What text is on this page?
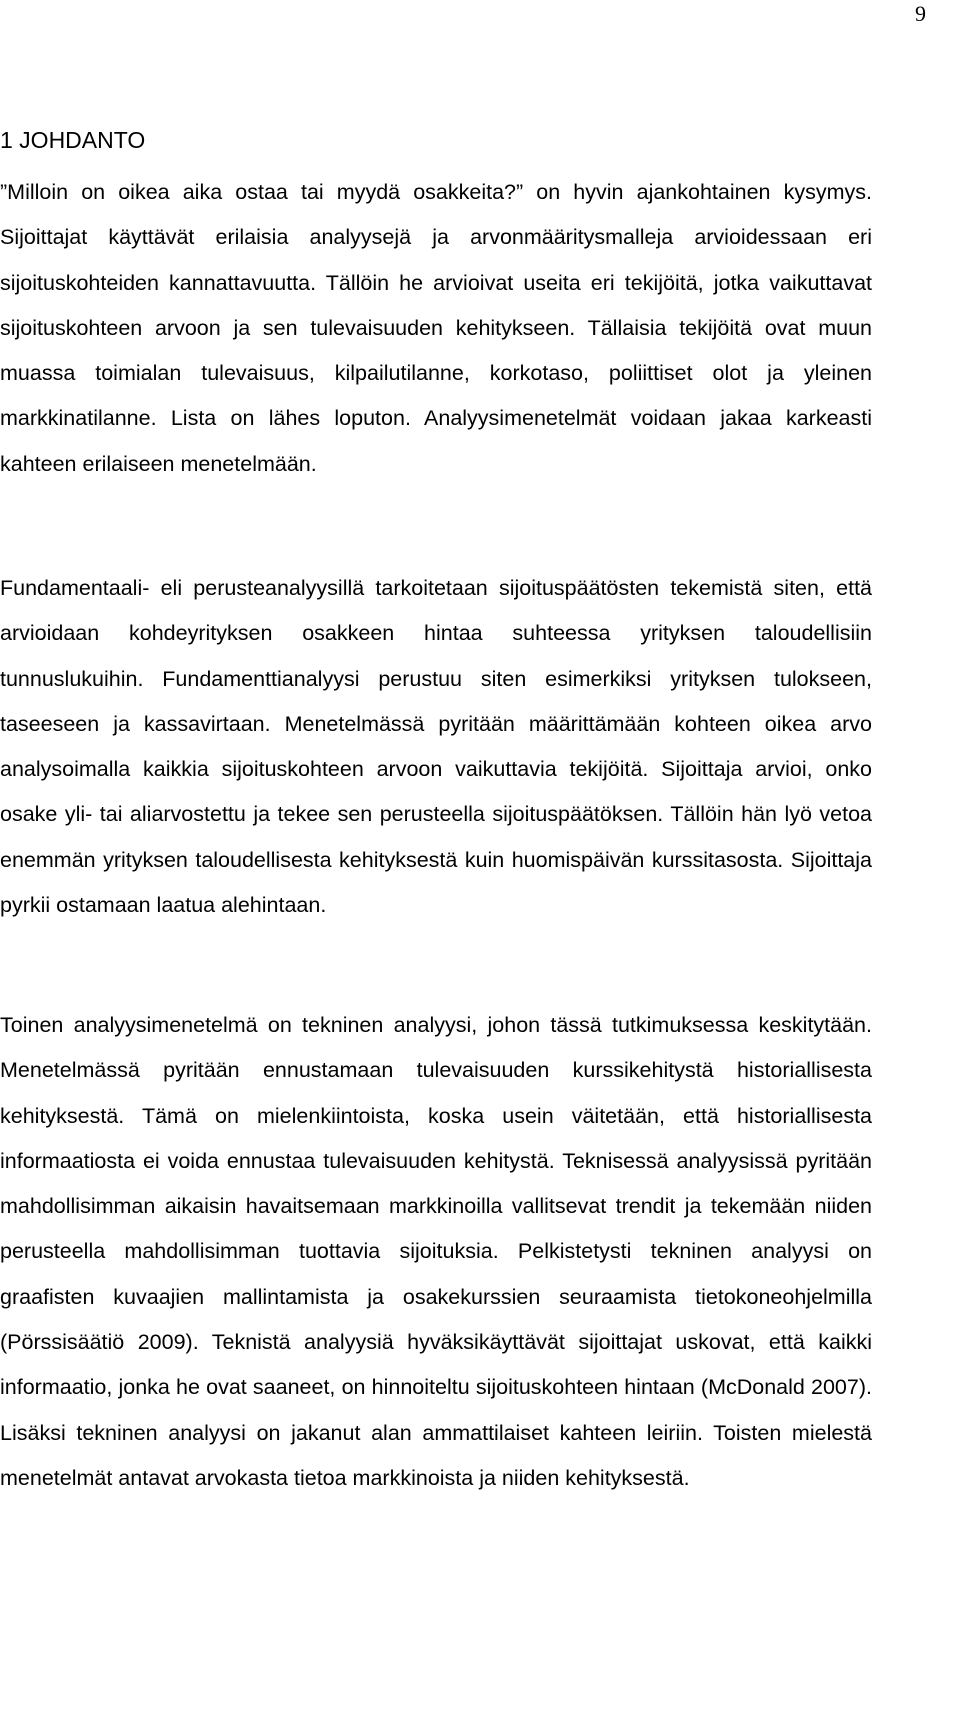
9
1 JOHDANTO

”Milloin on oikea aika ostaa tai myydä osakkeita?” on hyvin ajankohtainen kysymys. Sijoittajat käyttävät erilaisia analyysejä ja arvonmääritysmalleja arvioidessaan eri sijoituskohteiden kannattavuutta. Tällöin he arvioivat useita eri tekijöitä, jotka vaikuttavat sijoituskohteen arvoon ja sen tulevaisuuden kehitykseen. Tällaisia tekijöitä ovat muun muassa toimialan tulevaisuus, kilpailutilanne, korkotaso, poliittiset olot ja yleinen markkinatilanne. Lista on lähes loputon. Analyysimenetelmät voidaan jakaa karkeasti kahteen erilaiseen menetelmään.

Fundamentaali- eli perusteanalyysillä tarkoitetaan sijoituspäätösten tekemistä siten, että arvioidaan kohdeyrityksen osakkeen hintaa suhteessa yrityksen taloudellisiin tunnuslukuihin. Fundamenttianalyysi perustuu siten esimerkiksi yrityksen tulokseen, taseeseen ja kassavirtaan. Menetelmässä pyritään määrittämään kohteen oikea arvo analysoimalla kaikkia sijoituskohteen arvoon vaikuttavia tekijöitä. Sijoittaja arvioi, onko osake yli- tai aliarvostettu ja tekee sen perusteella sijoituspäätöksen. Tällöin hän lyö vetoa enemmän yrityksen taloudellisesta kehityksestä kuin huomispäivän kurssitasosta. Sijoittaja pyrkii ostamaan laatua alehintaan.

Toinen analyysimenetelmä on tekninen analyysi, johon tässä tutkimuksessa keskitytään. Menetelmässä pyritään ennustamaan tulevaisuuden kurssikehitystä historiallisesta kehityksestä. Tämä on mielenkiintoista, koska usein väitetään, että historiallisesta informaatiosta ei voida ennustaa tulevaisuuden kehitystä. Teknisessä analyysissä pyritään mahdollisimman aikaisin havaitsemaan markkinoilla vallitsevat trendit ja tekemään niiden perusteella mahdollisimman tuottavia sijoituksia. Pelkistetysti tekninen analyysi on graafisten kuvaajien mallintamista ja osakekurssien seuraamista tietokoneohjelmilla (Pörssisäätiö 2009). Teknistä analyysiä hyväksikäyttävät sijoittajat uskovat, että kaikki informaatio, jonka he ovat saaneet, on hinnoiteltu sijoituskohteen hintaan (McDonald 2007). Lisäksi tekninen analyysi on jakanut alan ammattilaiset kahteen leiriin. Toisten mielestä menetelmät antavat arvokasta tietoa markkinoista ja niiden kehityksestä.
